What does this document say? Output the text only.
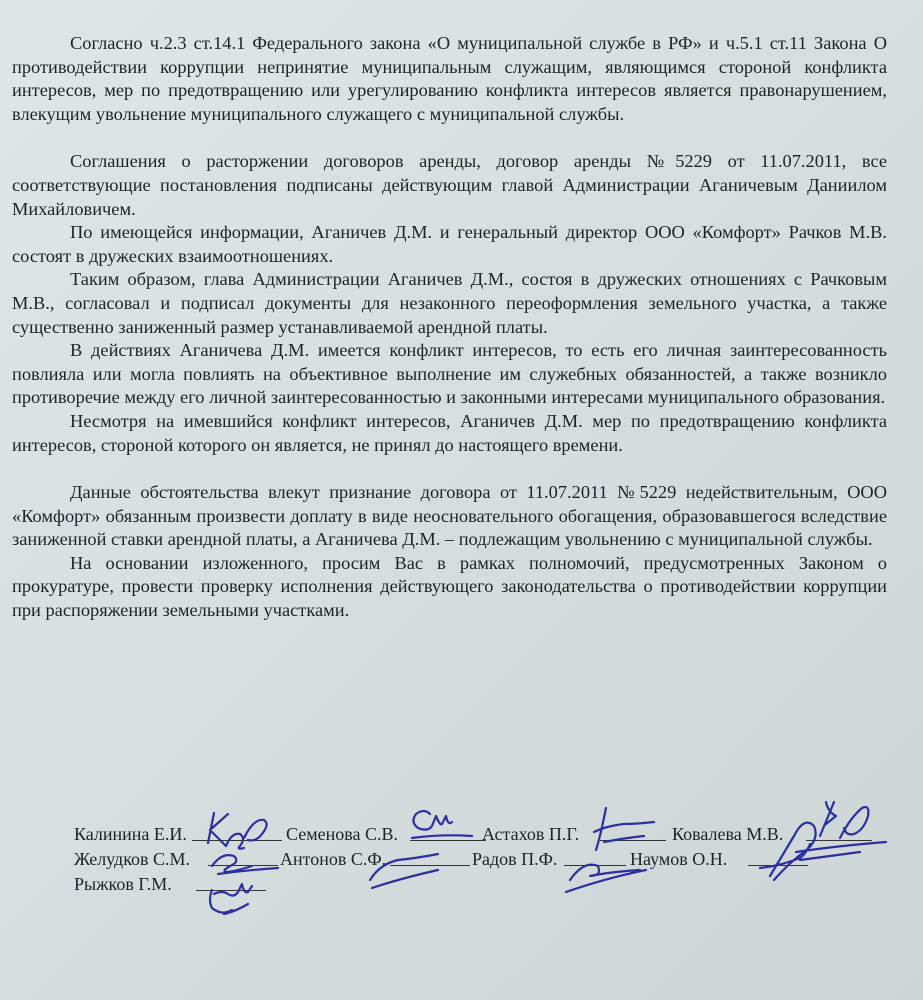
Согласно ч.2.3 ст.14.1 Федерального закона «О муниципальной службе в РФ» и ч.5.1 ст.11 Закона О противодействии коррупции непринятие муниципальным служащим, являющимся стороной конфликта интересов, мер по предотвращению или урегулированию конфликта интересов является правонарушением, влекущим увольнение муниципального служащего с муниципальной службы.

Соглашения о расторжении договоров аренды, договор аренды №5229 от 11.07.2011, все соответствующие постановления подписаны действующим главой Администрации Аганичевым Даниилом Михайловичем.

По имеющейся информации, Аганичев Д.М. и генеральный директор ООО «Комфорт» Рачков М.В. состоят в дружеских взаимоотношениях.

Таким образом, глава Администрации Аганичев Д.М., состоя в дружеских отношениях с Рачковым М.В., согласовал и подписал документы для незаконного переоформления земельного участка, а также существенно заниженный размер устанавливаемой арендной платы.

В действиях Аганичева Д.М. имеется конфликт интересов, то есть его личная заинтересованность повлияла или могла повлиять на объективное выполнение им служебных обязанностей, а также возникло противоречие между его личной заинтересованностью и законными интересами муниципального образования.

Несмотря на имевшийся конфликт интересов, Аганичев Д.М. мер по предотвращению конфликта интересов, стороной которого он является, не принял до настоящего времени.

Данные обстоятельства влекут признание договора от 11.07.2011 №5229 недействительным, ООО «Комфорт» обязанным произвести доплату в виде неосновательного обогащения, образовавшегося вследствие заниженной ставки арендной платы, а Аганичева Д.М. – подлежащим увольнению с муниципальной службы.

На основании изложенного, просим Вас в рамках полномочий, предусмотренных Законом о прокуратуре, провести проверку исполнения действующего законодательства о противодействии коррупции при распоряжении земельными участками.

Калинина Е.И.	Семенова С.В.	Астахов П.Г.	Ковалева М.В.
Желудков С.М.	Антонов С.Ф.	Радов П.Ф.	Наумов О.Н.
Рыжков Г.М.
